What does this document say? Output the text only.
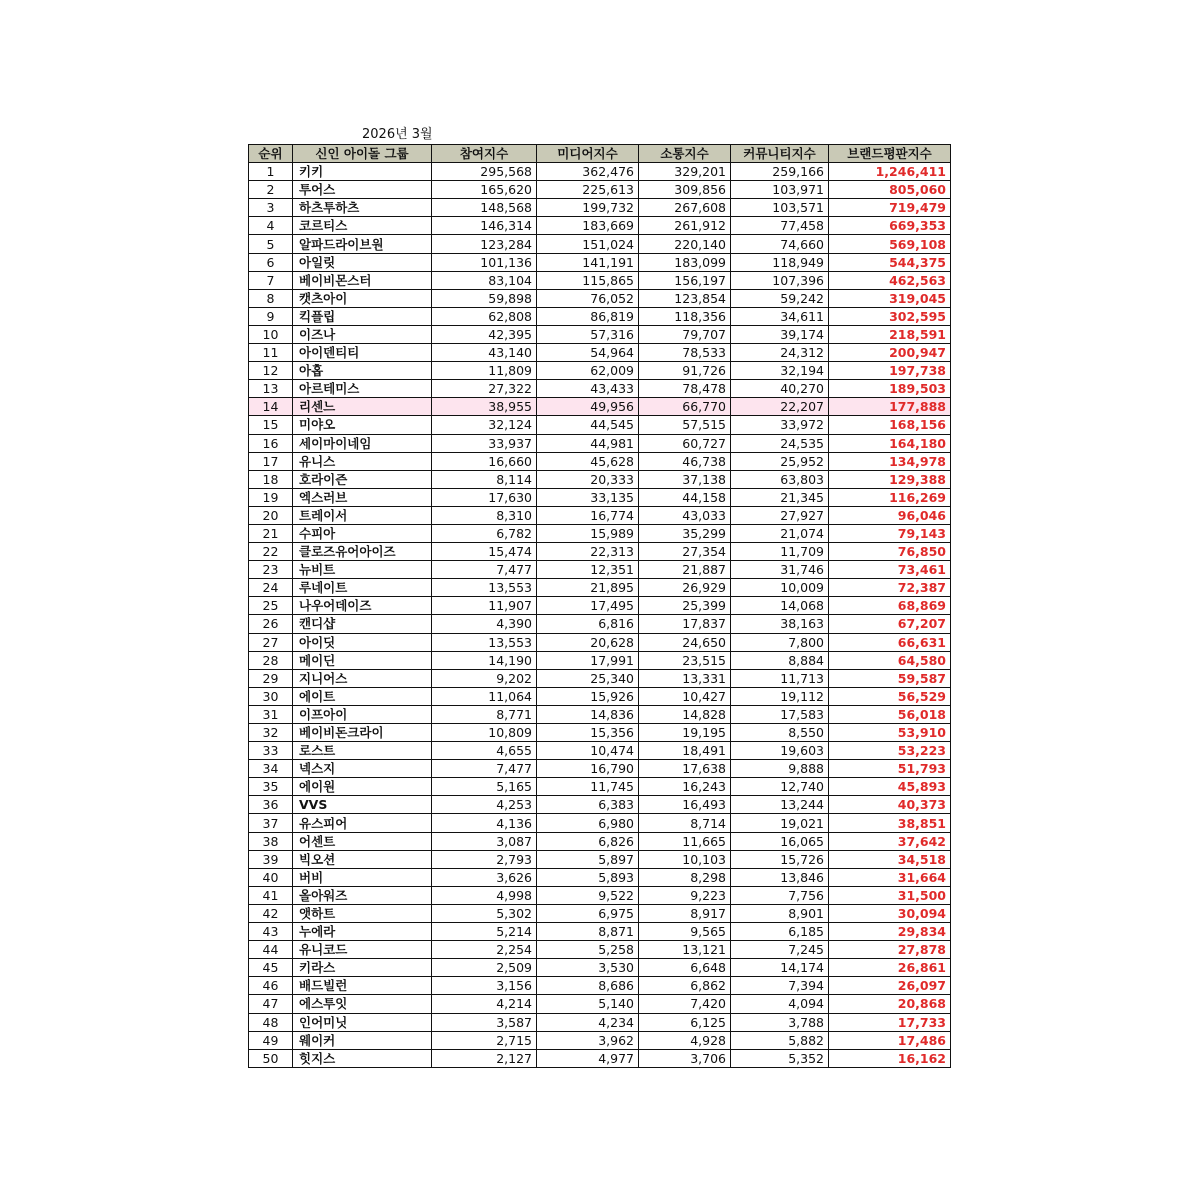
2026년 3월
순위	신인 아이돌 그룹	참여지수	미디어지수	소통지수	커뮤니티지수	브랜드평판지수
1	키키	295,568	362,476	329,201	259,166	1,246,411
2	투어스	165,620	225,613	309,856	103,971	805,060
3	하츠투하츠	148,568	199,732	267,608	103,571	719,479
4	코르티스	146,314	183,669	261,912	77,458	669,353
5	알파드라이브원	123,284	151,024	220,140	74,660	569,108
6	아일릿	101,136	141,191	183,099	118,949	544,375
7	베이비몬스터	83,104	115,865	156,197	107,396	462,563
8	캣츠아이	59,898	76,052	123,854	59,242	319,045
9	킥플립	62,808	86,819	118,356	34,611	302,595
10	이즈나	42,395	57,316	79,707	39,174	218,591
11	아이덴티티	43,140	54,964	78,533	24,312	200,947
12	아홉	11,809	62,009	91,726	32,194	197,738
13	아르테미스	27,322	43,433	78,478	40,270	189,503
14	리센느	38,955	49,956	66,770	22,207	177,888
15	미야오	32,124	44,545	57,515	33,972	168,156
16	세이마이네임	33,937	44,981	60,727	24,535	164,180
17	유니스	16,660	45,628	46,738	25,952	134,978
18	호라이즌	8,114	20,333	37,138	63,803	129,388
19	엑스러브	17,630	33,135	44,158	21,345	116,269
20	트레이서	8,310	16,774	43,033	27,927	96,046
21	수피아	6,782	15,989	35,299	21,074	79,143
22	클로즈유어아이즈	15,474	22,313	27,354	11,709	76,850
23	뉴비트	7,477	12,351	21,887	31,746	73,461
24	루네이트	13,553	21,895	26,929	10,009	72,387
25	나우어데이즈	11,907	17,495	25,399	14,068	68,869
26	캔디샵	4,390	6,816	17,837	38,163	67,207
27	아이딧	13,553	20,628	24,650	7,800	66,631
28	메이딘	14,190	17,991	23,515	8,884	64,580
29	지니어스	9,202	25,340	13,331	11,713	59,587
30	에이트	11,064	15,926	10,427	19,112	56,529
31	이프아이	8,771	14,836	14,828	17,583	56,018
32	베이비돈크라이	10,809	15,356	19,195	8,550	53,910
33	로스트	4,655	10,474	18,491	19,603	53,223
34	넥스지	7,477	16,790	17,638	9,888	51,793
35	에이원	5,165	11,745	16,243	12,740	45,893
36	VVS	4,253	6,383	16,493	13,244	40,373
37	유스피어	4,136	6,980	8,714	19,021	38,851
38	어센트	3,087	6,826	11,665	16,065	37,642
39	빅오션	2,793	5,897	10,103	15,726	34,518
40	버비	3,626	5,893	8,298	13,846	31,664
41	올아워즈	4,998	9,522	9,223	7,756	31,500
42	앳하트	5,302	6,975	8,917	8,901	30,094
43	누에라	5,214	8,871	9,565	6,185	29,834
44	유니코드	2,254	5,258	13,121	7,245	27,878
45	키라스	2,509	3,530	6,648	14,174	26,861
46	배드빌런	3,156	8,686	6,862	7,394	26,097
47	에스투잇	4,214	5,140	7,420	4,094	20,868
48	인어미닛	3,587	4,234	6,125	3,788	17,733
49	웨이커	2,715	3,962	4,928	5,882	17,486
50	힛지스	2,127	4,977	3,706	5,352	16,162
